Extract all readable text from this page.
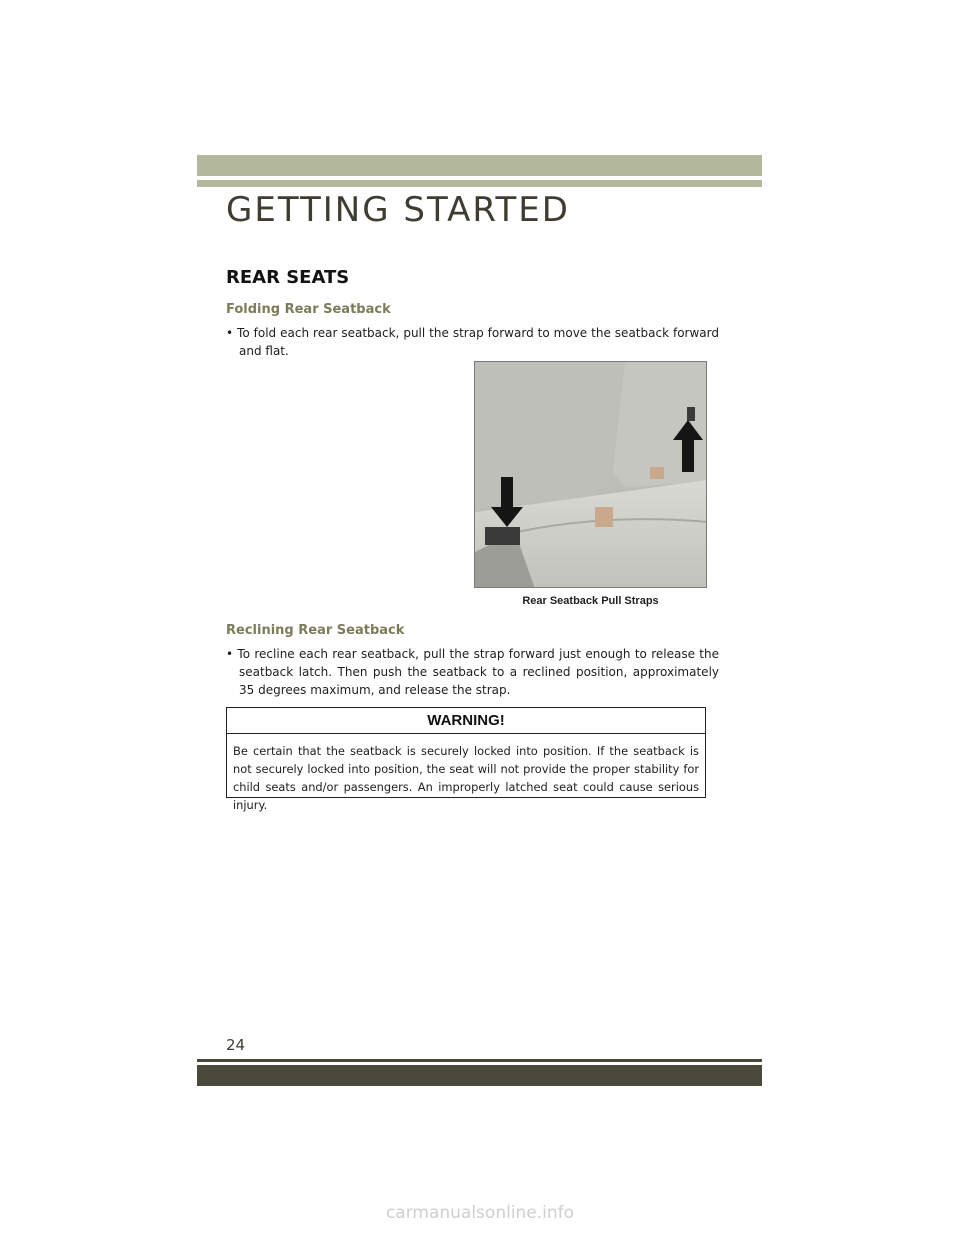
GETTING STARTED
REAR SEATS
Folding Rear Seatback
• To fold each rear seatback, pull the strap forward to move the seatback forward and flat.
Rear Seatback Pull Straps
Reclining Rear Seatback
• To recline each rear seatback, pull the strap forward just enough to release the seatback latch. Then push the seatback to a reclined position, approximately 35 degrees maximum, and release the strap.
WARNING!
Be certain that the seatback is securely locked into position. If the seatback is not securely locked into position, the seat will not provide the proper stability for child seats and/or passengers. An improperly latched seat could cause serious injury.
24
carmanualsonline.info
